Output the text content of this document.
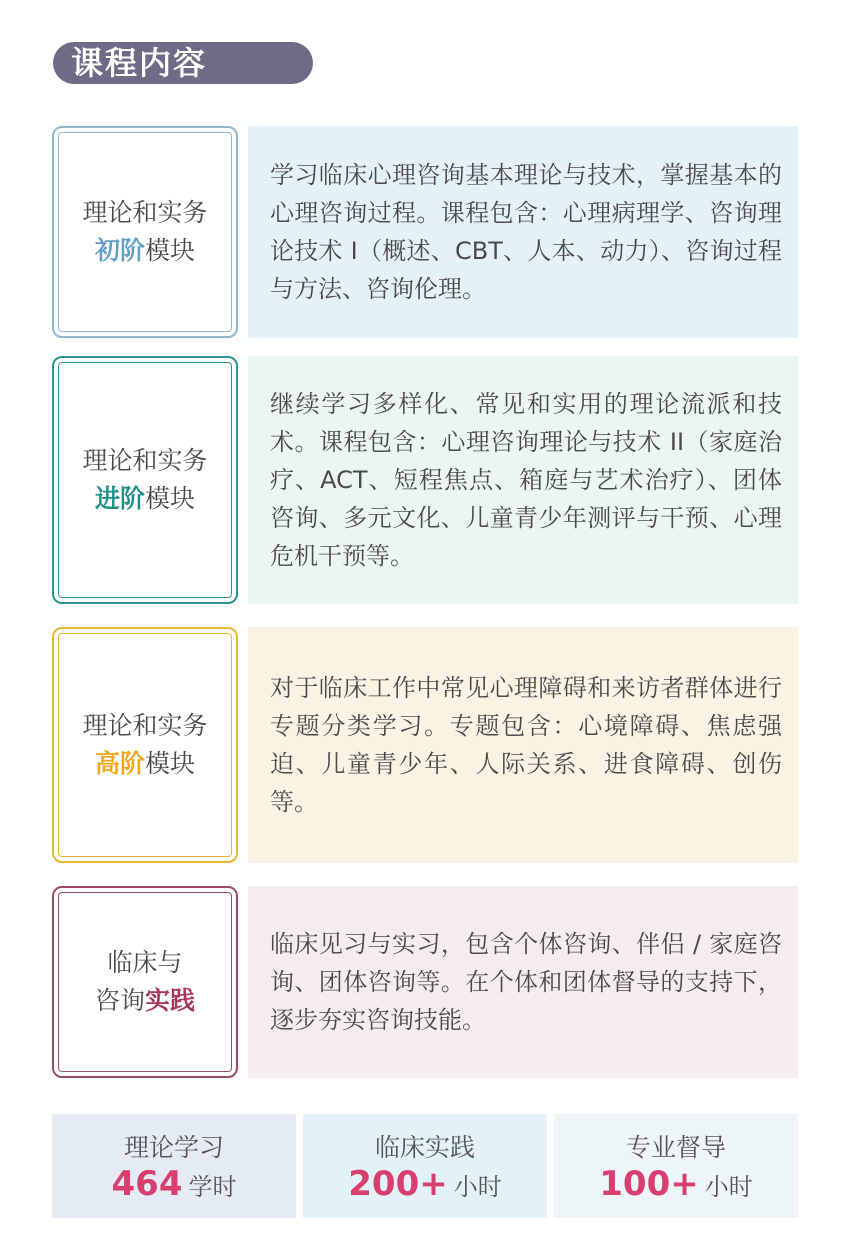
课程内容
理论和实务
初阶模块
学习临床心理咨询基本理论与技术，掌握基本的心理咨询过程。课程包含：心理病理学、咨询理论技术 I（概述、CBT、人本、动力）、咨询过程与方法、咨询伦理。
理论和实务
进阶模块
继续学习多样化、常见和实用的理论流派和技术。课程包含：心理咨询理论与技术 II（家庭治疗、ACT、短程焦点、箱庭与艺术治疗）、团体咨询、多元文化、儿童青少年测评与干预、心理危机干预等。
理论和实务
高阶模块
对于临床工作中常见心理障碍和来访者群体进行专题分类学习。专题包含：心境障碍、焦虑强迫、儿童青少年、人际关系、进食障碍、创伤等。
临床与
咨询实践
临床见习与实习，包含个体咨询、伴侣 / 家庭咨询、团体咨询等。在个体和团体督导的支持下，逐步夯实咨询技能。
理论学习
464 学时
临床实践
200+ 小时
专业督导
100+ 小时
